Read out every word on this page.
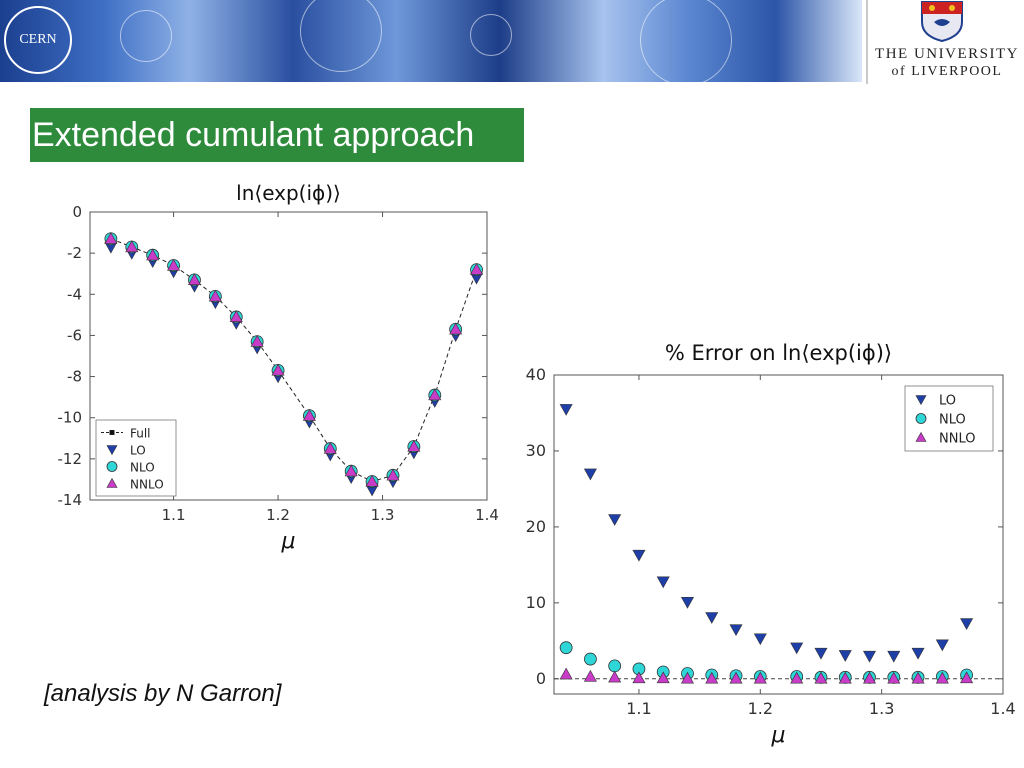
CERN
THE UNIVERSITY
of LIVERPOOL
Extended cumulant approach
ln⟨exp(iϕ)⟩
1.1	1.2	1.3	1.4
0
-2
-4
-6
-8
-10
-12
-14
μ
Full
LO
NLO
NNLO
% Error on ln⟨exp(iϕ)⟩
1.1	1.2	1.3	1.4
0
10
20
30
40
μ
LO
NLO
NNLO
[analysis by N Garron]
